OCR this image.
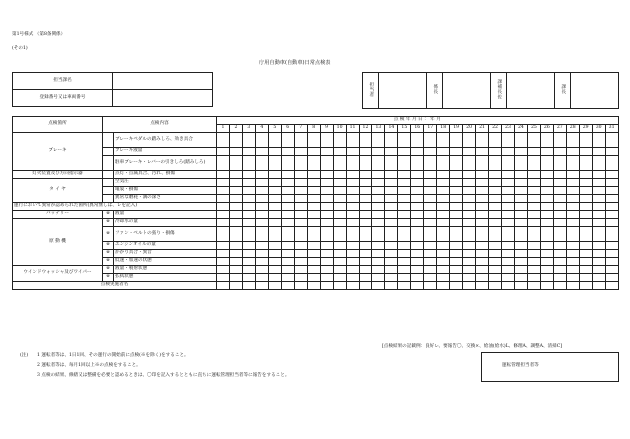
第1号様式 （第8条関係）
(その1)
庁用自動車(自動車)日常点検表
担当課名	
登録番号又は車両番号	
担当者		係長		課補長佐		課長	
点検箇所	点検内容		点 検 年 月 日 ： 年 月																														
			1	2	3	4	5	6	7	8	9	10	11	12	13	14	15	16	17	18	19	20	21	22	23	24	25	26	27	28	29	30	31
ブレーキ		ブレーキペダルの踏みしろ、効き具合																															
		ブレーキ液量																															
		駐車ブレーキ・レバーの引きしろ(踏みしろ)																															
灯火装置及び方向指示器		点灯・点滅具合、汚れ、損傷																															
タ イ ヤ		空気圧																															
		亀裂・損傷																															
		異常な磨耗・溝の深さ																															
運行において異常が認められた箇所(異常無しは、レを記入)																																	
バッテリー	※	液量																															
原 動 機	※	冷却水の量																															
	※	ファン・ベルトの張り・損傷																															
	※	エンジンオイルの量																															
	※	かかり具合・異音																															
	※	低速・加速の状態																															
ウインドウォッシャ及びワイパー	※	液量・噴射状態																															
	※	払拭状態																															
点検実施者名																																	
[点検結果の記載例：良好レ、要報告〇、交換×、給油(給水)L、修理A、調整A、清掃C]
(注) 1 運転者等は、1日1回、その運行の開始前に点検(※を除く)をすること。
2 運転者等は、毎月1回以上※の点検をすること。
3 点検の結果、修繕又は整備を必要と認めるときは、〇印を記入するとともに直ちに運転管理担当者等に報告をすること。
運転管理担当者等
